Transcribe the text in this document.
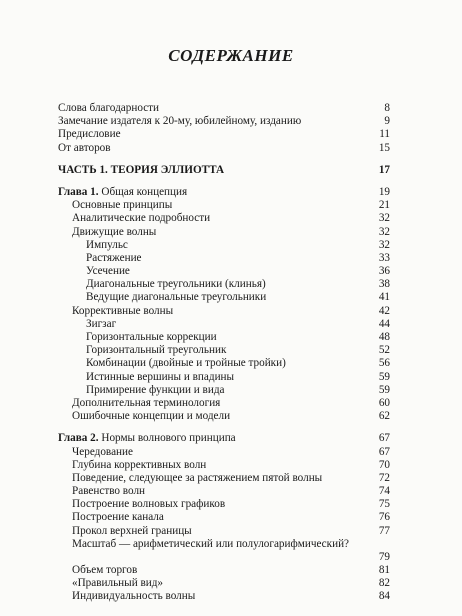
СОДЕРЖАНИЕ
Слова благодарности	8
Замечание издателя к 20-му, юбилейному, изданию	9
Предисловие	11
От авторов	15
ЧАСТЬ 1. ТЕОРИЯ ЭЛЛИОТТА	17
Глава 1. Общая концепция	19
Основные принципы	21
Аналитические подробности	32
Движущие волны	32
Импульс	32
Растяжение	33
Усечение	36
Диагональные треугольники (клинья)	38
Ведущие диагональные треугольники	41
Коррективные волны	42
Зигзаг	44
Горизонтальные коррекции	48
Горизонтальный треугольник	52
Комбинации (двойные и тройные тройки)	56
Истинные вершины и впадины	59
Примирение функции и вида	59
Дополнительная терминология	60
Ошибочные концепции и модели	62
Глава 2. Нормы волнового принципа	67
Чередование	67
Глубина коррективных волн	70
Поведение, следующее за растяжением пятой волны	72
Равенство волн	74
Построение волновых графиков	75
Построение канала	76
Прокол верхней границы	77
Масштаб — арифметический или полулогарифмический?
79
Объем торгов	81
«Правильный вид»	82
Индивидуальность волны	84
